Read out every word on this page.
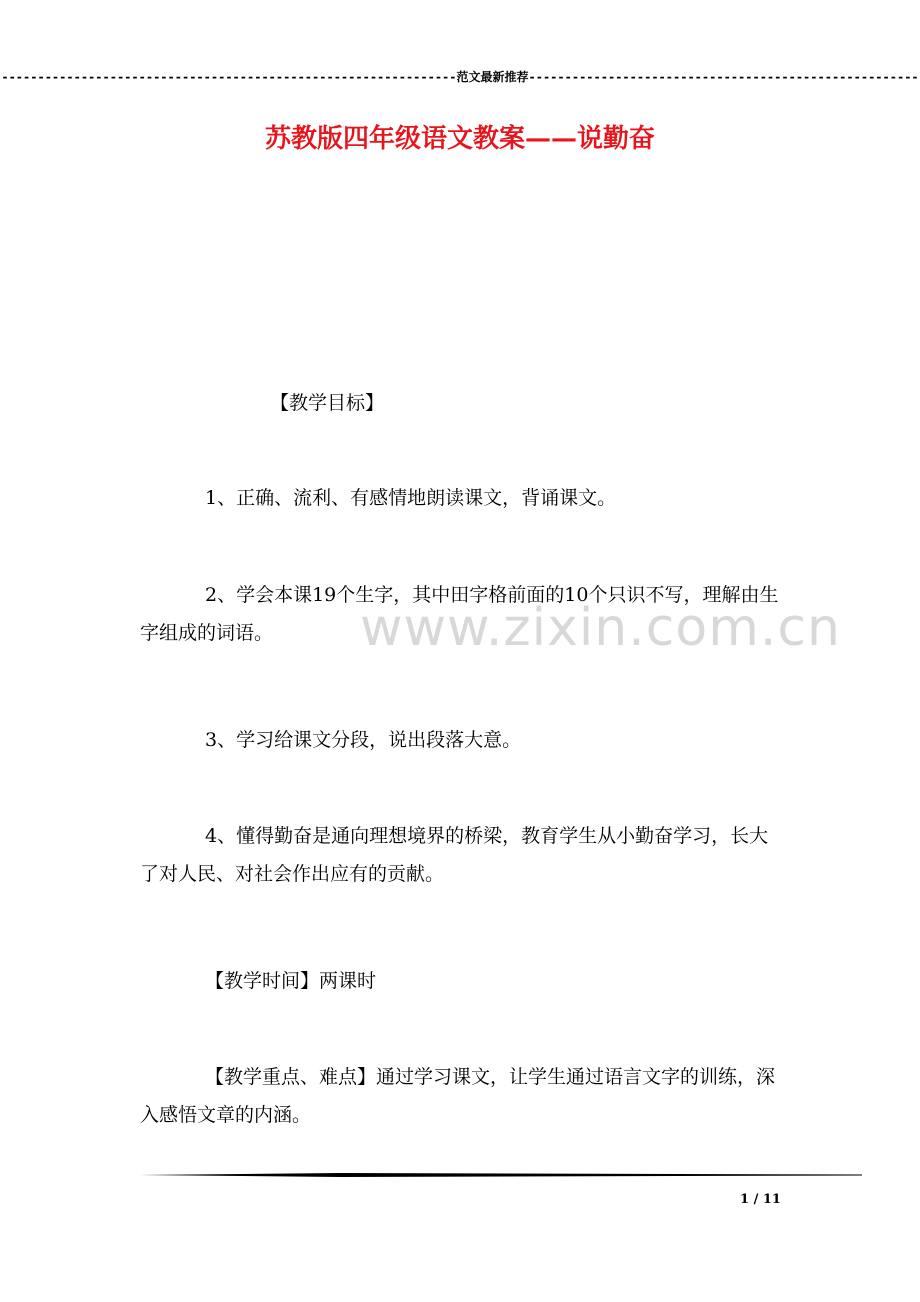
---------------------------------------------------------------范文最新推荐------------------------------------------------------
苏教版四年级语文教案——说勤奋
【教学目标】
1、正确、流利、有感情地朗读课文，背诵课文。
2、学会本课19个生字，其中田字格前面的10个只识不写，理解由生字组成的词语。
3、学习给课文分段，说出段落大意。
4、懂得勤奋是通向理想境界的桥梁，教育学生从小勤奋学习，长大了对人民、对社会作出应有的贡献。
【教学时间】两课时
【教学重点、难点】通过学习课文，让学生通过语言文字的训练，深入感悟文章的内涵。
www.zixin.com.cn
1 / 11
